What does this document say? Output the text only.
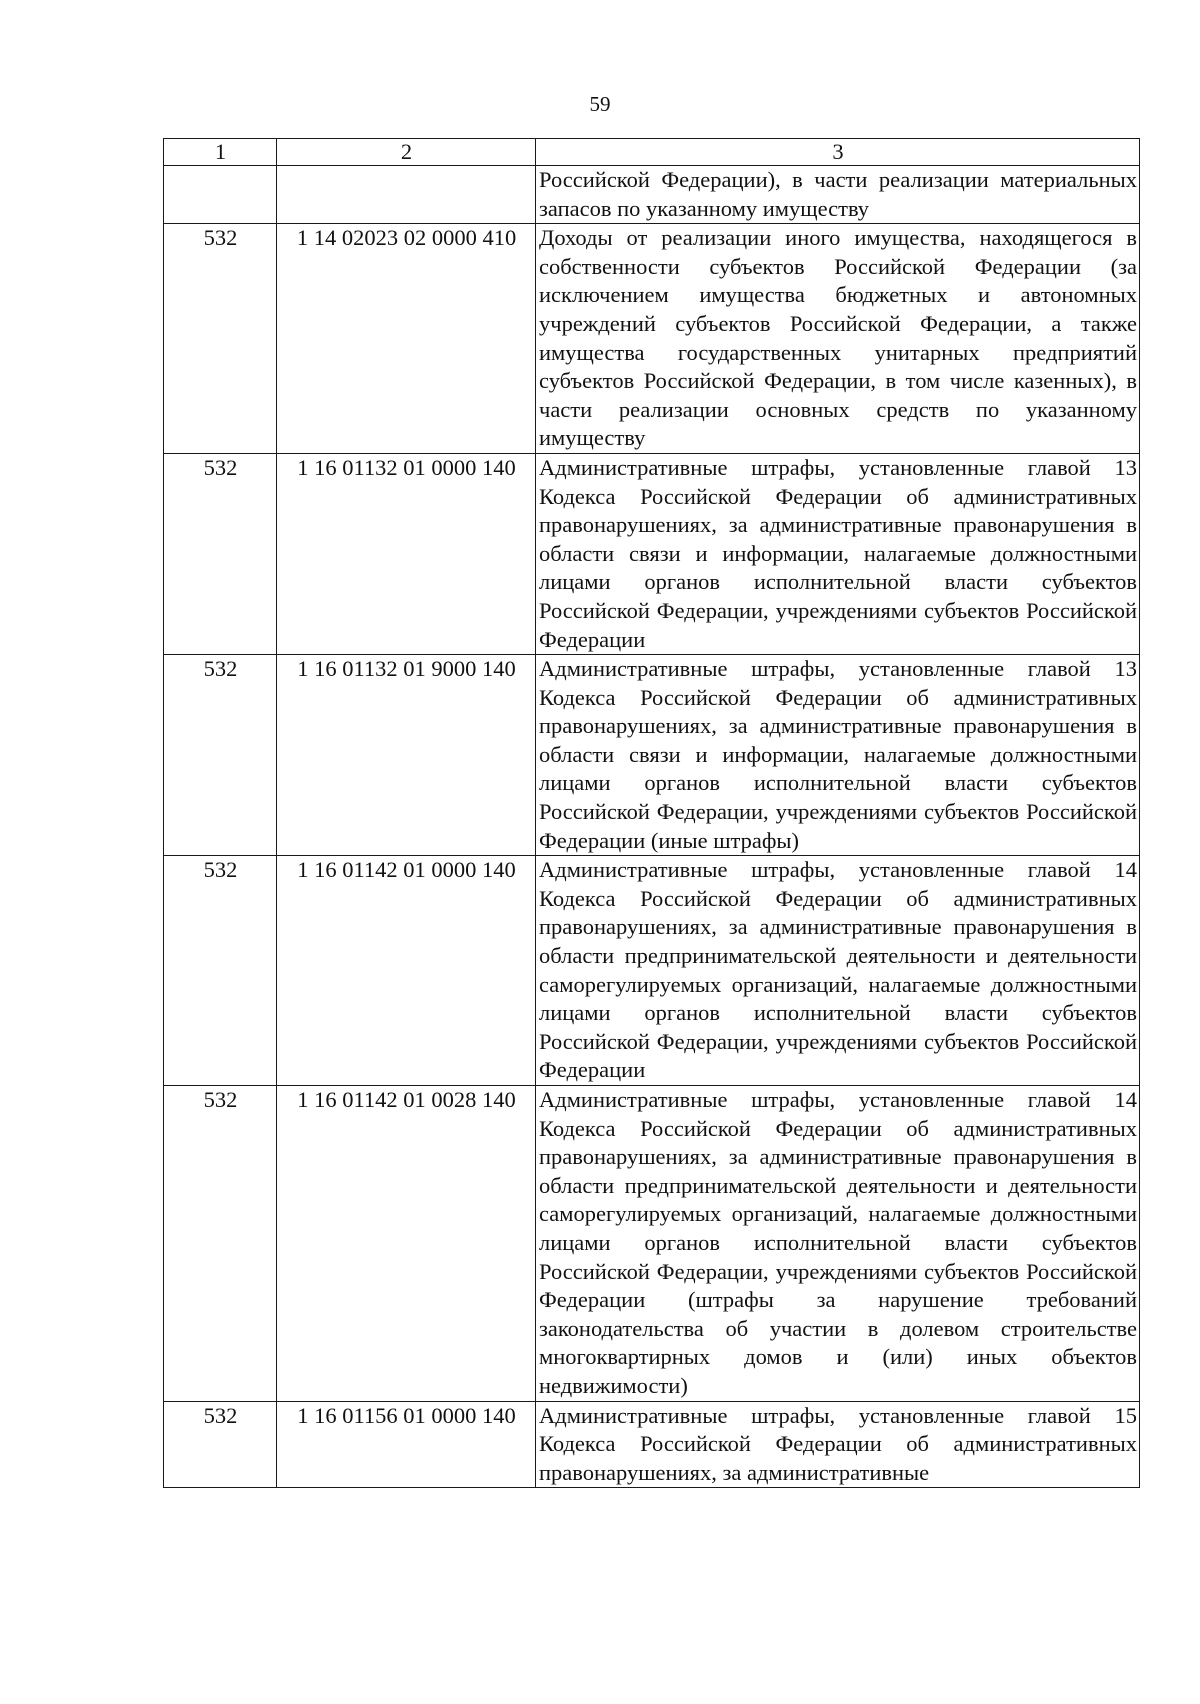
59
1	2	3
		Российской Федерации), в части реализации материальных запасов по указанному имуществу
532	1 14 02023 02 0000 410	Доходы от реализации иного имущества, находящегося в собственности субъектов Российской Федерации (за исключением имущества бюджетных и автономных учреждений субъектов Российской Федерации, а также имущества государственных унитарных предприятий субъектов Российской Федерации, в том числе казенных), в части реализации основных средств по указанному имуществу
532	1 16 01132 01 0000 140	Административные штрафы, установленные главой 13 Кодекса Российской Федерации об административных правонарушениях, за административные правонарушения в области связи и информации, налагаемые должностными лицами органов исполнительной власти субъектов Российской Федерации, учреждениями субъектов Российской Федерации
532	1 16 01132 01 9000 140	Административные штрафы, установленные главой 13 Кодекса Российской Федерации об административных правонарушениях, за административные правонарушения в области связи и информации, налагаемые должностными лицами органов исполнительной власти субъектов Российской Федерации, учреждениями субъектов Российской Федерации (иные штрафы)
532	1 16 01142 01 0000 140	Административные штрафы, установленные главой 14 Кодекса Российской Федерации об административных правонарушениях, за административные правонарушения в области предпринимательской деятельности и деятельности саморегулируемых организаций, налагаемые должностными лицами органов исполнительной власти субъектов Российской Федерации, учреждениями субъектов Российской Федерации
532	1 16 01142 01 0028 140	Административные штрафы, установленные главой 14 Кодекса Российской Федерации об административных правонарушениях, за административные правонарушения в области предпринимательской деятельности и деятельности саморегулируемых организаций, налагаемые должностными лицами органов исполнительной власти субъектов Российской Федерации, учреждениями субъектов Российской Федерации (штрафы за нарушение требований законодательства об участии в долевом строительстве многоквартирных домов и (или) иных объектов недвижимости)
532	1 16 01156 01 0000 140	Административные штрафы, установленные главой 15 Кодекса Российской Федерации об административных правонарушениях, за административные
